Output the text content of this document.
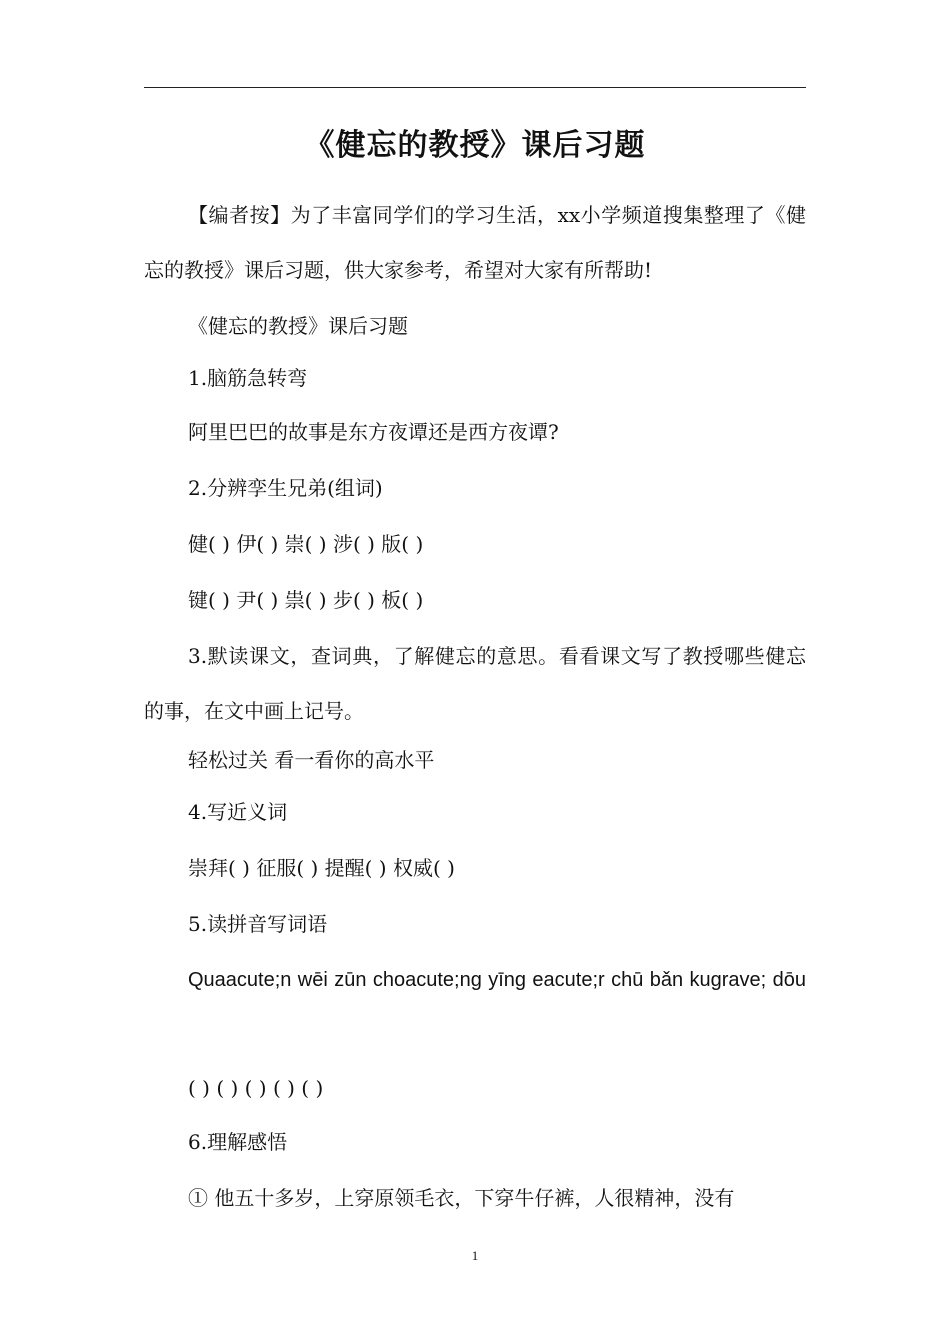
《健忘的教授》课后习题

【编者按】为了丰富同学们的学习生活，xx小学频道搜集整理了《健忘的教授》课后习题，供大家参考，希望对大家有所帮助!

《健忘的教授》课后习题

1.脑筋急转弯

阿里巴巴的故事是东方夜谭还是西方夜谭?

2.分辨孪生兄弟(组词)

健( ) 伊( ) 崇( ) 涉( ) 版( )

键( ) 尹( ) 祟( ) 步( ) 板( )

3.默读课文，查词典，了解健忘的意思。看看课文写了教授哪些健忘的事，在文中画上记号。

轻松过关 看一看你的高水平

4.写近义词

崇拜( ) 征服( ) 提醒( ) 权威( )

5.读拼音写词语

Quaacute;n wēi zūn choacute;ng yīng eacute;r chū bǎn kugrave; dōu

( ) ( ) ( ) ( ) ( )

6.理解感悟

① 他五十多岁，上穿原领毛衣，下穿牛仔裤，人很精神，没有

1
